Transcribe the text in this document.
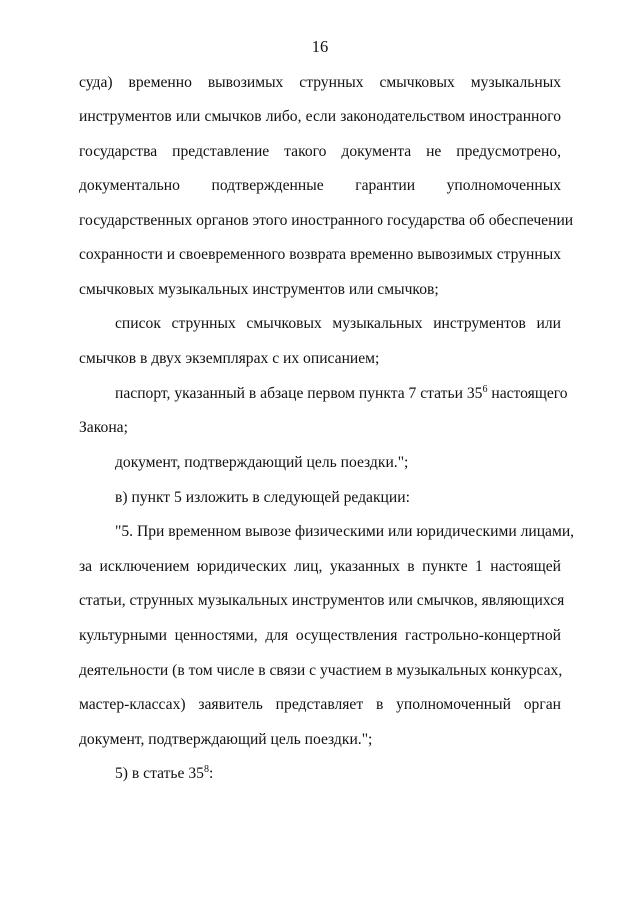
16
суда) временно вывозимых струнных смычковых музыкальных
инструментов или смычков либо, если законодательством иностранного
государства представление такого документа не предусмотрено,
документально подтвержденные гарантии уполномоченных
государственных органов этого иностранного государства об обеспечении
сохранности и своевременного возврата временно вывозимых струнных
смычковых музыкальных инструментов или смычков;
список струнных смычковых музыкальных инструментов или
смычков в двух экземплярах с их описанием;
паспорт, указанный в абзаце первом пункта 7 статьи $35^6$ настоящего
Закона;
документ, подтверждающий цель поездки.";
в) пункт 5 изложить в следующей редакции:
"5. При временном вывозе физическими или юридическими лицами,
за исключением юридических лиц, указанных в пункте 1 настоящей
статьи, струнных музыкальных инструментов или смычков, являющихся
культурными ценностями, для осуществления гастрольно-концертной
деятельности (в том числе в связи с участием в музыкальных конкурсах,
мастер-классах) заявитель представляет в уполномоченный орган
документ, подтверждающий цель поездки.";
5) в статье $35^8$:
